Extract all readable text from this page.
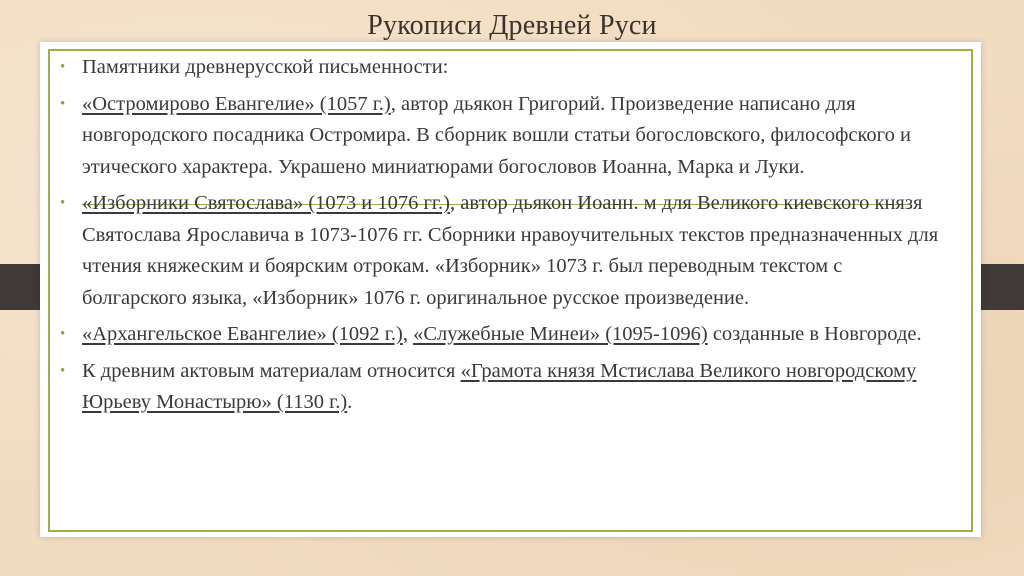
Рукописи Древней Руси
• Памятники древнерусской письменности:
• «Остромирово Евангелие» (1057 г.), автор дьякон Григорий. Произведение написано для новгородского посадника Остромира. В сборник вошли статьи богословского, философского и этического характера. Украшено миниатюрами богословов Иоанна, Марка и Луки.
• «Изборники Святослава» (1073 и 1076 гг.), автор дьякон Иоанн. м для Великого киевского князя Святослава Ярославича в 1073-1076 гг. Сборники нравоучительных текстов предназначенных для чтения княжеским и боярским отрокам. «Изборник» 1073 г. был переводным текстом с болгарского языка, «Изборник» 1076 г. оригинальное русское произведение.
• «Архангельское Евангелие» (1092 г.), «Служебные Минеи» (1095-1096) созданные в Новгороде.
• К древним актовым материалам относится «Грамота князя Мстислава Великого новгородскому Юрьеву Монастырю» (1130 г.).
